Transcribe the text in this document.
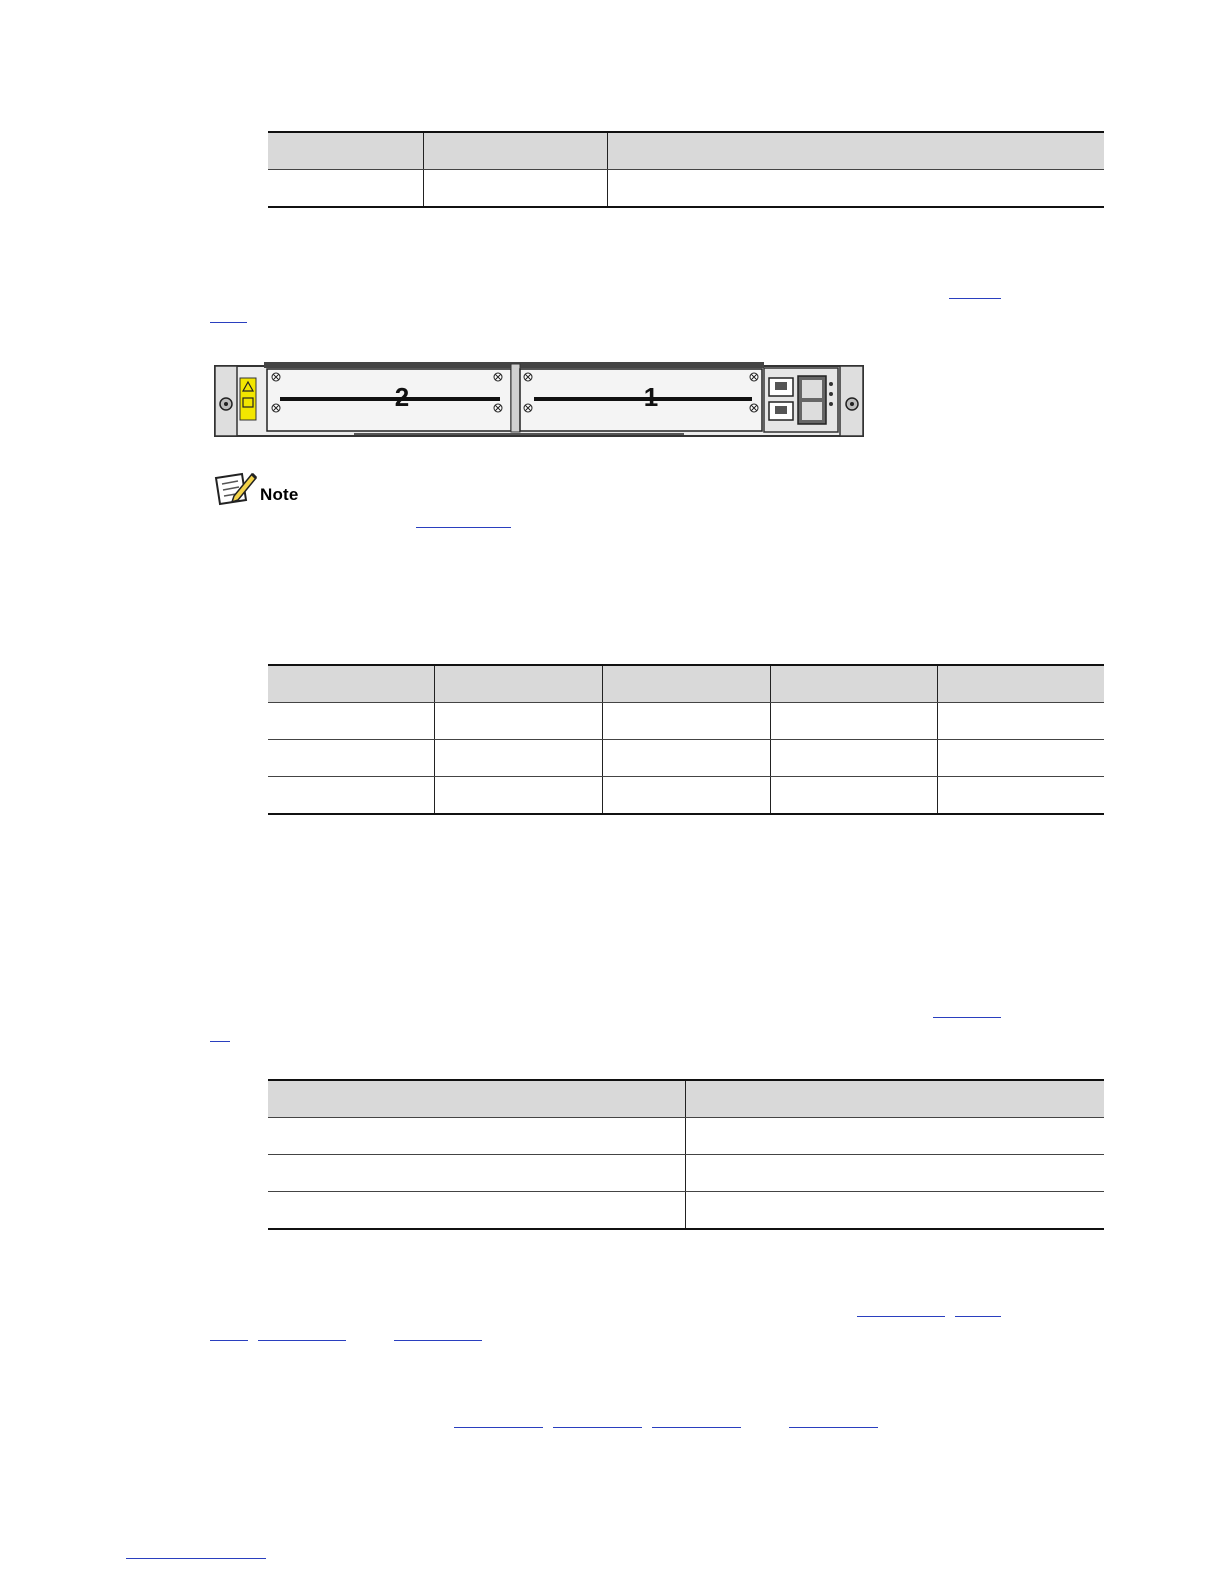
2	1
Note
